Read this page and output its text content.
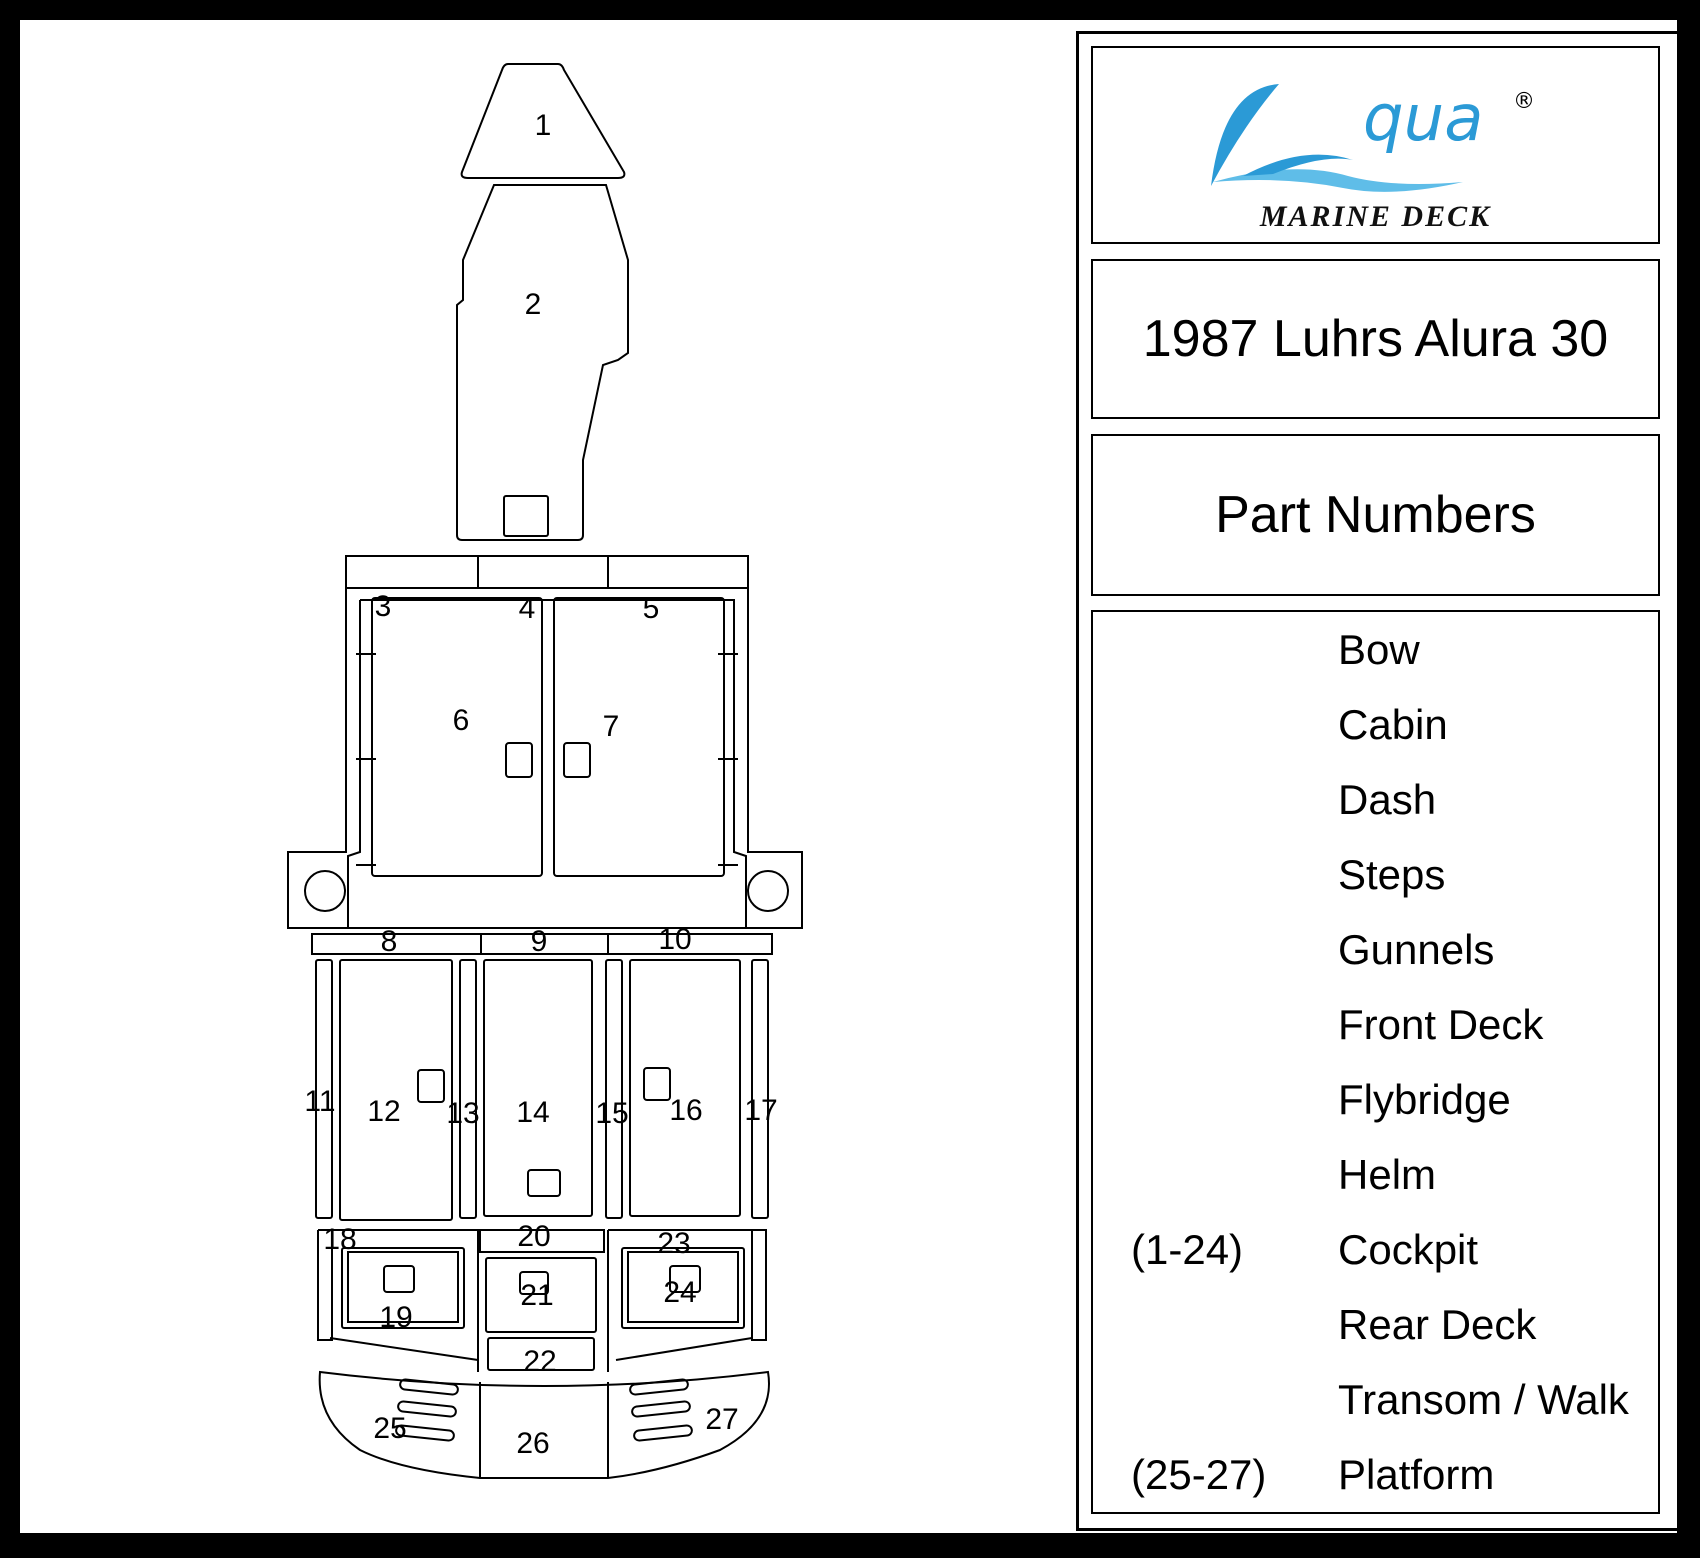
1
2
3	4	5
6	7
8	9	10
11 12 13 14 15 16 17
18
19
20
21
22
23
24
25	26
27
qua ®
MARINE DECK
1987 Luhrs Alura 30
Part Numbers
Bow
Cabin
Dash
Steps
Gunnels
Front Deck
Flybridge
Helm
(1-24) Cockpit
Rear Deck
Transom / Walk
(25-27) Platform
